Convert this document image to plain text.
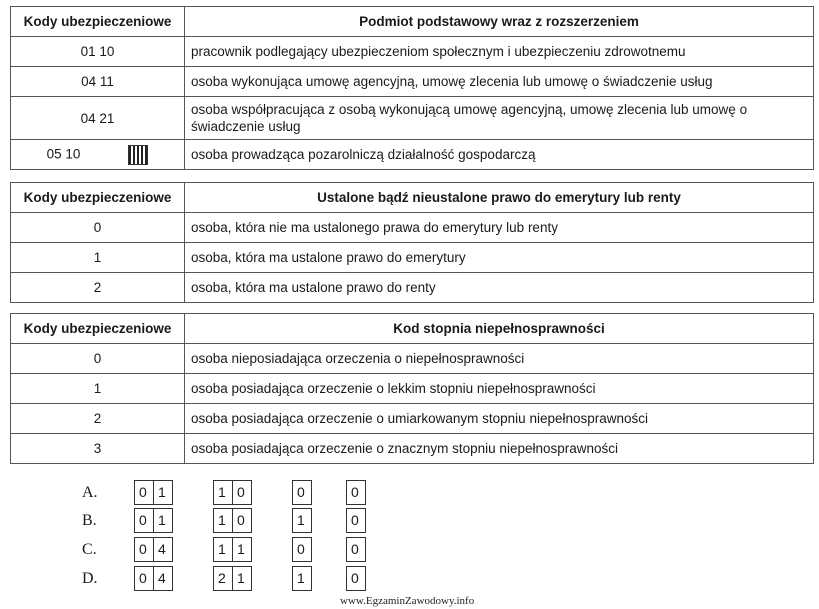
Kody ubezpieczeniowe	Podmiot podstawowy wraz z rozszerzeniem
01 10	pracownik podlegający ubezpieczeniom społecznym i ubezpieczeniu zdrowotnemu
04 11	osoba wykonująca umowę agencyjną, umowę zlecenia lub umowę o świadczenie usług
04 21	osoba współpracująca z osobą wykonującą umowę agencyjną, umowę zlecenia lub umowę o świadczenie usług
05 10	osoba prowadząca pozarolniczą działalność gospodarczą
Kody ubezpieczeniowe	Ustalone bądź nieustalone prawo do emerytury lub renty
0	osoba, która nie ma ustalonego prawa do emerytury lub renty
1	osoba, która ma ustalone prawo do emerytury
2	osoba, która ma ustalone prawo do renty
Kody ubezpieczeniowe	Kod stopnia niepełnosprawności
0	osoba nieposiadająca orzeczenia o niepełnosprawności
1	osoba posiadająca orzeczenie o lekkim stopniu niepełnosprawności
2	osoba posiadająca orzeczenie o umiarkowanym stopniu niepełnosprawności
3	osoba posiadająca orzeczenie o znacznym stopniu niepełnosprawności
A.	0 1	1 0	0	0
B.	0 1	1 0	1	0
C.	0 4	1 1	0	0
D.	0 4	2 1	1	0
www.EgzaminZawodowy.info
